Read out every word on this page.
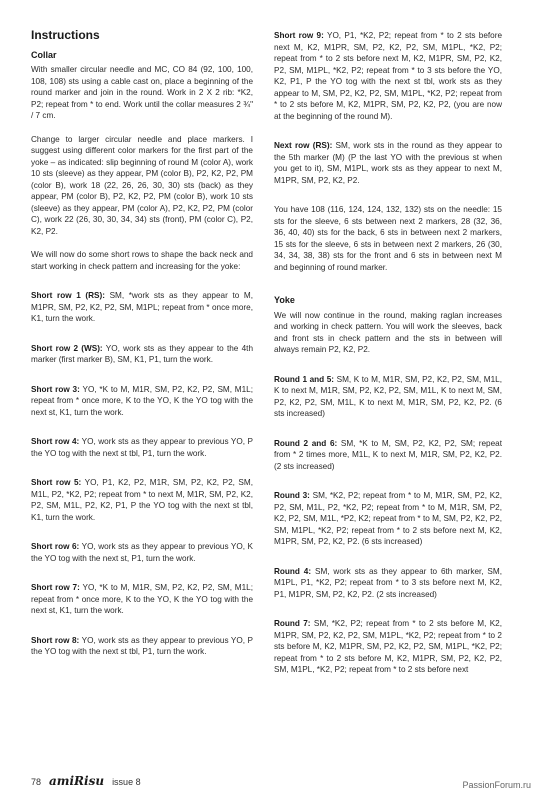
Instructions
Collar

With smaller circular needle and MC, CO 84 (92, 100, 100, 108, 108) sts using a cable cast on, place a beginning of the round marker and join in the round. Work in 2 X 2 rib: *K2, P2; repeat from * to end. Work until the collar measures 2 ¾" / 7 cm.

Change to larger circular needle and place markers. I suggest using different color markers for the first part of the yoke – as indicated: slip beginning of round M (color A), work 10 sts (sleeve) as they appear, PM (color B), P2, K2, P2, PM (color B), work 18 (22, 26, 26, 30, 30) sts (back) as they appear, PM (color B), P2, K2, P2, PM (color B), work 10 sts (sleeve) as they appear, PM (color A), P2, K2, P2, PM (color C), work 22 (26, 30, 30, 34, 34) sts (front), PM (color C), P2, K2, P2.

We will now do some short rows to shape the back neck and start working in check pattern and increasing for the yoke:

Short row 1 (RS): SM, *work sts as they appear to M, M1PR, SM, P2, K2, P2, SM, M1PL; repeat from * once more, K1, turn the work.

Short row 2 (WS): YO, work sts as they appear to the 4th marker (first marker B), SM, K1, P1, turn the work.

Short row 3: YO, *K to M, M1R, SM, P2, K2, P2, SM, M1L; repeat from * once more, K to the YO, K the YO tog with the next st, K1, turn the work.

Short row 4: YO, work sts as they appear to previous YO, P the YO tog with the next st tbl, P1, turn the work.

Short row 5: YO, P1, K2, P2, M1R, SM, P2, K2, P2, SM, M1L, P2, *K2, P2; repeat from * to next M, M1R, SM, P2, K2, P2, SM, M1L, P2, K2, P1, P the YO tog with the next st tbl, K1, turn the work.

Short row 6: YO, work sts as they appear to previous YO, K the YO tog with the next st, P1, turn the work.

Short row 7: YO, *K to M, M1R, SM, P2, K2, P2, SM, M1L; repeat from * once more, K to the YO, K the YO tog with the next st, K1, turn the work.

Short row 8: YO, work sts as they appear to previous YO, P the YO tog with the next st tbl, P1, turn the work.

Short row 9: YO, P1, *K2, P2; repeat from * to 2 sts before next M, K2, M1PR, SM, P2, K2, P2, SM, M1PL, *K2, P2; repeat from * to 2 sts before next M, K2, M1PR, SM, P2, K2, P2, SM, M1PL, *K2, P2; repeat from * to 3 sts before the YO, K2, P1, P the YO tog with the next st tbl, work sts as they appear to M, SM, P2, K2, P2, SM, M1PL, *K2, P2; repeat from * to 2 sts before M, K2, M1PR, SM, P2, K2, P2, (you are now at the beginning of the round M).

Next row (RS): SM, work sts in the round as they appear to the 5th marker (M) (P the last YO with the previous st when you get to it), SM, M1PL, work sts as they appear to next M, M1PR, SM, P2, K2, P2.

You have 108 (116, 124, 124, 132, 132) sts on the needle: 15 sts for the sleeve, 6 sts between next 2 markers, 28 (32, 36, 36, 40, 40) sts for the back, 6 sts in between next 2 markers, 15 sts for the sleeve, 6 sts in between next 2 markers, 26 (30, 34, 34, 38, 38) sts for the front and 6 sts in between next M and beginning of round marker.

Yoke

We will now continue in the round, making raglan increases and working in check pattern. You will work the sleeves, back and front sts in check pattern and the sts in between will always remain P2, K2, P2.

Round 1 and 5: SM, K to M, M1R, SM, P2, K2, P2, SM, M1L, K to next M, M1R, SM, P2, K2, P2, SM, M1L, K to next M, SM, P2, K2, P2, SM, M1L, K to next M, M1R, SM, P2, K2, P2. (6 sts increased)

Round 2 and 6: SM, *K to M, SM, P2, K2, P2, SM; repeat from * 2 times more, M1L, K to next M, M1R, SM, P2, K2, P2. (2 sts increased)

Round 3: SM, *K2, P2; repeat from * to M, M1R, SM, P2, K2, P2, SM, M1L, P2, *K2, P2; repeat from * to M, M1R, SM, P2, K2, P2, SM, M1L, *P2, K2; repeat from * to M, SM, P2, K2, P2, SM, M1PL, *K2, P2; repeat from * to 2 sts before next M, K2, M1PR, SM, P2, K2, P2. (6 sts increased)

Round 4: SM, work sts as they appear to 6th marker, SM, M1PL, P1, *K2, P2; repeat from * to 3 sts before next M, K2, P1, M1PR, SM, P2, K2, P2. (2 sts increased)

Round 7: SM, *K2, P2; repeat from * to 2 sts before M, K2, M1PR, SM, P2, K2, P2, SM, M1PL, *K2, P2; repeat from * to 2 sts before M, K2, M1PR, SM, P2, K2, P2, SM, M1PL, *K2, P2; repeat from * to 2 sts before M, K2, M1PR, SM, P2, K2, P2, SM, M1PL, *K2, P2; repeat from * to 2 sts before next

78 amiRisu issue 8	PassionForum.ru
